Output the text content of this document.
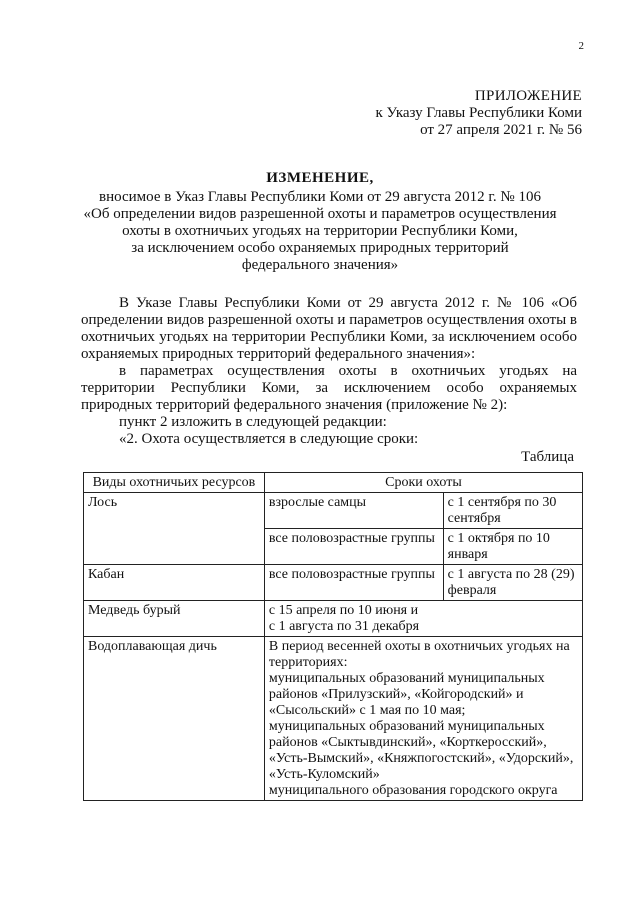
2
ПРИЛОЖЕНИЕ
к Указу Главы Республики Коми
от 27 апреля 2021 г. № 56
ИЗМЕНЕНИЕ,
вносимое в Указ Главы Республики Коми от 29 августа 2012 г. № 106
«Об определении видов разрешенной охоты и параметров осуществления
охоты в охотничьих угодьях на территории Республики Коми,
за исключением особо охраняемых природных территорий
федерального значения»

В Указе Главы Республики Коми от 29 августа 2012 г. № 106 «Об определении видов разрешенной охоты и параметров осуществления охоты в охотничьих угодьях на территории Республики Коми, за исключением особо охраняемых природных территорий федерального значения»:

в параметрах осуществления охоты в охотничьих угодьях на территории Республики Коми, за исключением особо охраняемых природных территорий федерального значения (приложение № 2):

пункт 2 изложить в следующей редакции:

«2. Охота осуществляется в следующие сроки:

Таблица
Виды охотничьих ресурсов	Сроки охоты	
Лось	взрослые самцы	с 1 сентября по 30 сентября
	все половозрастные группы	с 1 октября по 10 января
Кабан	все половозрастные группы	с 1 августа по 28 (29) февраля
Медведь бурый	с 15 апреля по 10 июня и
с 1 августа по 31 декабря	

Водоплавающая дичь	В период весенней охоты в охотничьих угодьях на территориях:
муниципальных образований муниципальных районов «Прилузский», «Койгородский» и «Сысольский» с 1 мая по 10 мая;
муниципальных образований муниципальных районов «Сыктывдинский», «Корткеросский», «Усть-Вымский», «Княжпогостский», «Удорский», «Усть-Куломский»
муниципального образования городского округа	
